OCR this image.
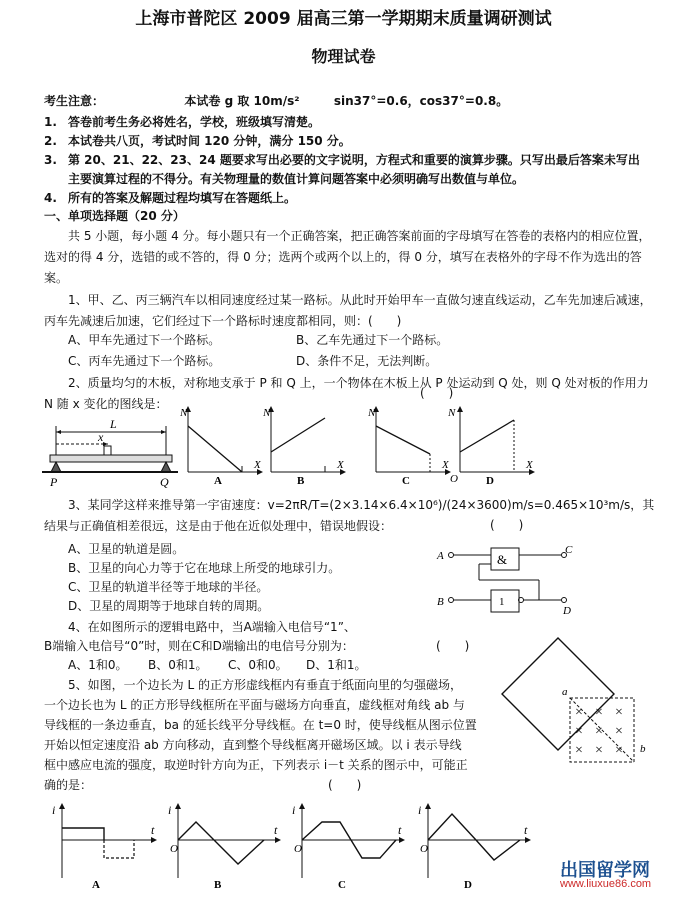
上海市普陀区 2009 届高三第一学期期末质量调研测试
物理试卷
考生注意：	本试卷 g 取 10m/s²	sin37°=0.6，cos37°=0.8。
1. 答卷前考生务必将姓名，学校，班级填写清楚。
2. 本试卷共八页，考试时间 120 分钟，满分 150 分。
3. 第 20、21、22、23、24 题要求写出必要的文字说明，方程式和重要的演算步骤。只写出最后答案未写出
主要演算过程的不得分。有关物理量的数值计算问题答案中必须明确写出数值与单位。
4. 所有的答案及解题过程均填写在答题纸上。
一、单项选择题（20 分）
共 5 小题，每小题 4 分。每小题只有一个正确答案，把正确答案前面的字母填写在答卷的表格内的相应位置，选对的得 4 分，选错的或不答的，得 0 分；选两个或两个以上的，得 0 分，填写在表格外的字母不作为选出的答案。
1、甲、乙、丙三辆汽车以相同速度经过某一路标。从此时开始甲车一直做匀速直线运动，乙车先加速后减速，丙车先减速后加速，它们经过下一个路标时速度都相同，则：(　　)
A、甲车先通过下一个路标。	B、乙车先通过下一个路标。
C、丙车先通过下一个路标。	D、条件不足，无法判断。
2、质量均匀的木板，对称地支承于 P 和 Q 上，一个物体在木板上从 P 处运动到 Q 处，则 Q 处对板的作用力 N 随 x 变化的图线是：
(　　)
x
L
P	Q
N
X
A
N
X
B
N
X
C
N
O
X
D
3、某同学这样来推导第一宇宙速度：v=2πR/T=(2×3.14×6.4×10⁶)/(24×3600)m/s=0.465×10³m/s，其结果与正确值相差很远，这是由于他在近似处理中，错误地假设：	(　　)
A、卫星的轨道是圆。
B、卫星的向心力等于它在地球上所受的地球引力。
C、卫星的轨道半径等于地球的半径。
D、卫星的周期等于地球自转的周期。
A	&
C
B	1
D
4、在如图所示的逻辑电路中，当A端输入电信号“1”、
B端输入电信号“0”时，则在C和D端输出的电信号分别为：	(　　)
A、1和0。 B、0和1。 C、0和0。 D、1和1。
5、如图，一个边长为 L 的正方形虚线框内有垂直于纸面向里的匀强磁场，
一个边长也为 L 的正方形导线框所在平面与磁场方向垂直，虚线框对角线 ab 与
导线框的一条边垂直，ba 的延长线平分导线框。在 t=0 时，使导线框从图示位置
开始以恒定速度沿 ab 方向移动，直到整个导线框离开磁场区域。以 i 表示导线
框中感应电流的强度，取逆时针方向为正，下列表示 i－t 关系的图示中，可能正
确的是：	(　　)
a
b
× × ×
× × ×
× × ×
i
t
A
i
t
O
B
i
t
O
C
i
t
O
D
出国留学网
www.liuxue86.com
